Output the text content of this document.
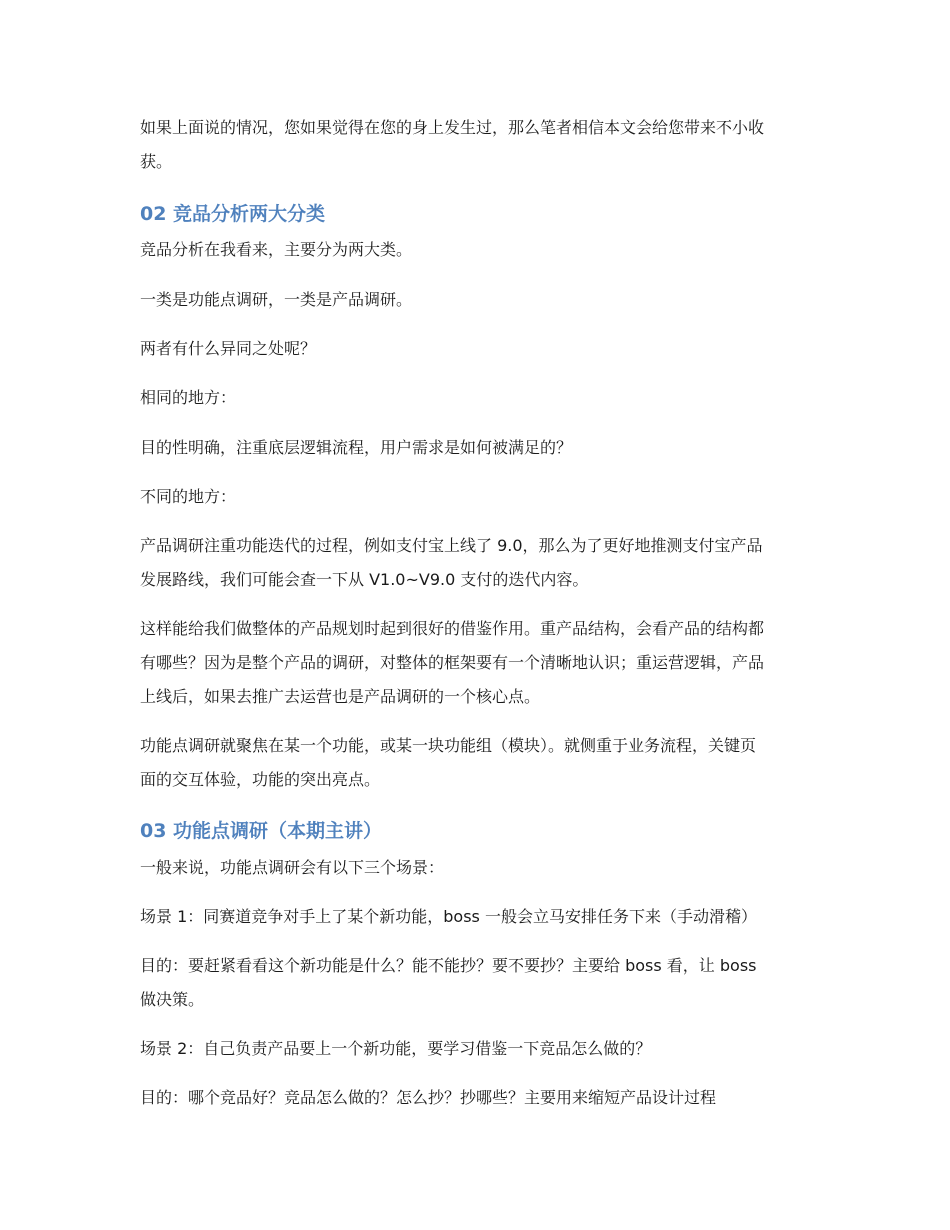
如果上面说的情况，您如果觉得在您的身上发生过，那么笔者相信本文会给您带来不小收
获。
02 竞品分析两大分类
竞品分析在我看来，主要分为两大类。
一类是功能点调研，一类是产品调研。
两者有什么异同之处呢？
相同的地方：
目的性明确，注重底层逻辑流程，用户需求是如何被满足的？
不同的地方：
产品调研注重功能迭代的过程，例如支付宝上线了 9.0，那么为了更好地推测支付宝产品
发展路线，我们可能会查一下从 V1.0~V9.0 支付的迭代内容。
这样能给我们做整体的产品规划时起到很好的借鉴作用。重产品结构，会看产品的结构都
有哪些？因为是整个产品的调研，对整体的框架要有一个清晰地认识；重运营逻辑，产品
上线后，如果去推广去运营也是产品调研的一个核心点。
功能点调研就聚焦在某一个功能，或某一块功能组（模块）。就侧重于业务流程，关键页
面的交互体验，功能的突出亮点。
03 功能点调研（本期主讲）
一般来说，功能点调研会有以下三个场景：
场景 1：同赛道竞争对手上了某个新功能，boss 一般会立马安排任务下来（手动滑稽）
目的：要赶紧看看这个新功能是什么？能不能抄？要不要抄？主要给 boss 看，让 boss
做决策。
场景 2：自己负责产品要上一个新功能，要学习借鉴一下竞品怎么做的？
目的：哪个竞品好？竞品怎么做的？怎么抄？抄哪些？主要用来缩短产品设计过程
